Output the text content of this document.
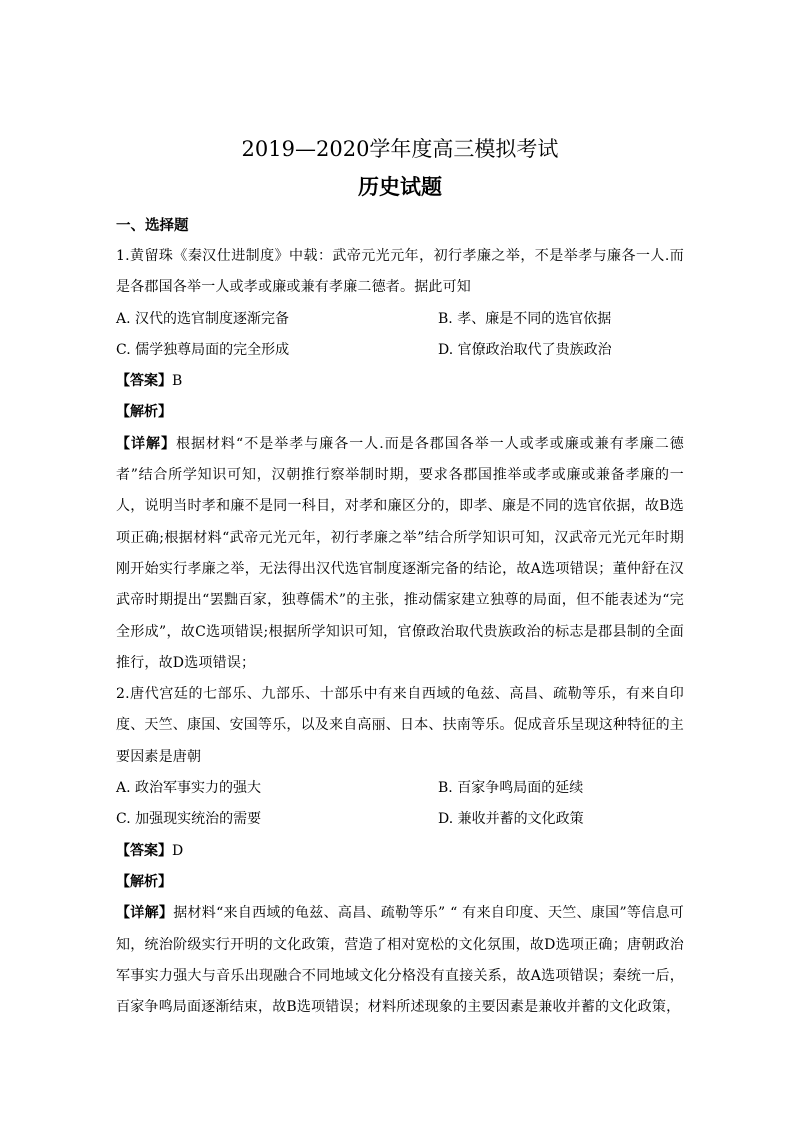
2019—2020学年度高三模拟考试
历史试题
一、选择题

1.黄留珠《秦汉仕进制度》中载：武帝元光元年，初行孝廉之举，不是举孝与廉各一人.而是各郡国各举一人或孝或廉或兼有孝廉二德者。据此可知

A. 汉代的选官制度逐渐完备	B. 孝、廉是不同的选官依据
C. 儒学独尊局面的完全形成	D. 官僚政治取代了贵族政治
【答案】B
【解析】

【详解】根据材料“不是举孝与廉各一人.而是各郡国各举一人或孝或廉或兼有孝廉二德者”结合所学知识可知，汉朝推行察举制时期，要求各郡国推举或孝或廉或兼备孝廉的一人，说明当时孝和廉不是同一科目，对孝和廉区分的，即孝、廉是不同的选官依据，故B选项正确;根据材料“武帝元光元年，初行孝廉之举”结合所学知识可知，汉武帝元光元年时期刚开始实行孝廉之举，无法得出汉代选官制度逐渐完备的结论，故A选项错误；董仲舒在汉武帝时期提出“罢黜百家，独尊儒术”的主张，推动儒家建立独尊的局面，但不能表述为“完全形成”，故C选项错误;根据所学知识可知，官僚政治取代贵族政治的标志是郡县制的全面推行，故D选项错误；

2.唐代宫廷的七部乐、九部乐、十部乐中有来自西域的龟兹、高昌、疏勒等乐，有来自印度、天竺、康国、安国等乐，以及来自高丽、日本、扶南等乐。促成音乐呈现这种特征的主要因素是唐朝

A. 政治军事实力的强大	B. 百家争鸣局面的延续
C. 加强现实统治的需要	D. 兼收并蓄的文化政策
【答案】D
【解析】

【详解】据材料“来自西域的龟兹、高昌、疏勒等乐” “ 有来自印度、天竺、康国”等信息可知，统治阶级实行开明的文化政策，营造了相对宽松的文化氛围，故D选项正确；唐朝政治军事实力强大与音乐出现融合不同地域文化分格没有直接关系，故A选项错误；秦统一后，百家争鸣局面逐渐结束，故B选项错误；材料所述现象的主要因素是兼收并蓄的文化政策，
